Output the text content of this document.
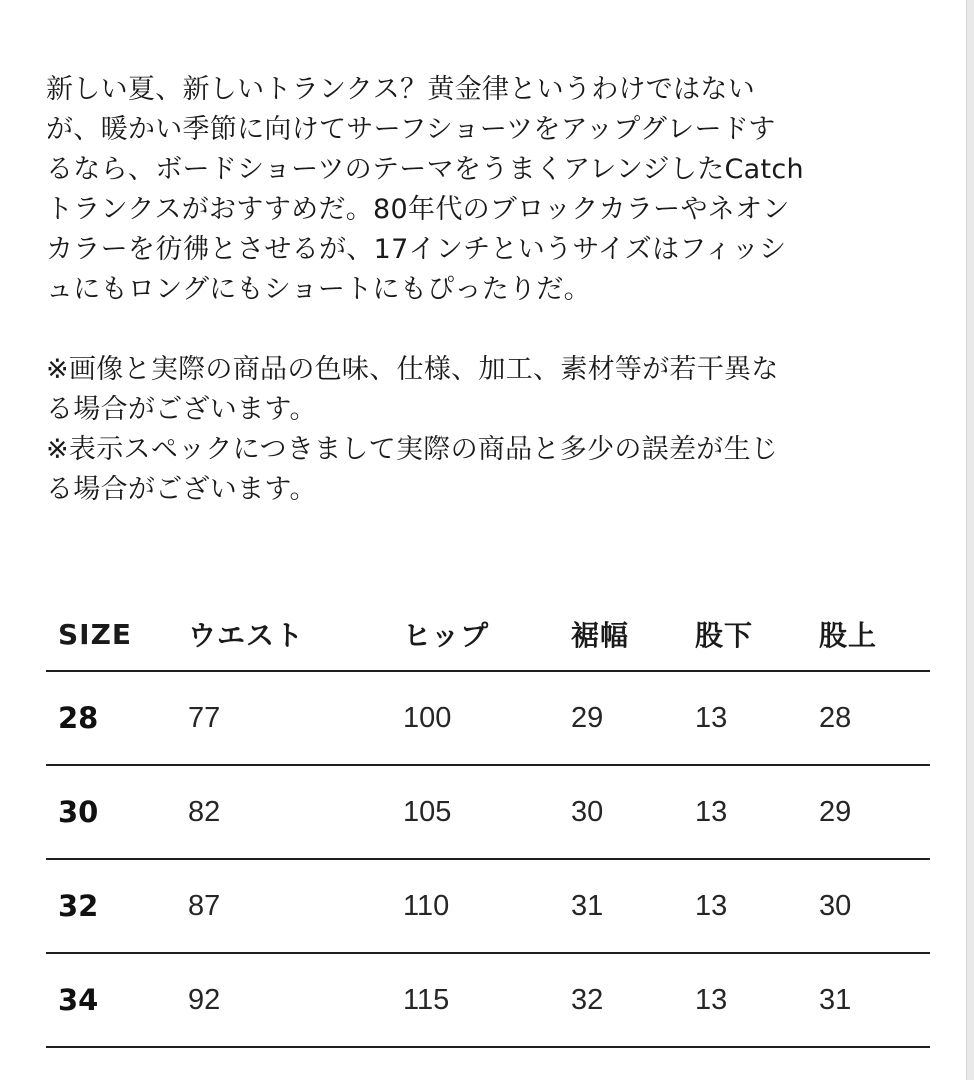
新しい夏、新しいトランクス？黄金律というわけではない
が、暖かい季節に向けてサーフショーツをアップグレードす
るなら、ボードショーツのテーマをうまくアレンジしたCatch
トランクスがおすすめだ。80年代のブロックカラーやネオン
カラーを彷彿とさせるが、17インチというサイズはフィッシ
ュにもロングにもショートにもぴったりだ。
※画像と実際の商品の色味、仕様、加工、素材等が若干異な
る場合がございます。
※表示スペックにつきまして実際の商品と多少の誤差が生じ
る場合がございます。
SIZE	ウエスト	ヒップ	裾幅	股下	股上
28	77	100	29	13	28
30	82	105	30	13	29
32	87	110	31	13	30
34	92	115	32	13	31
